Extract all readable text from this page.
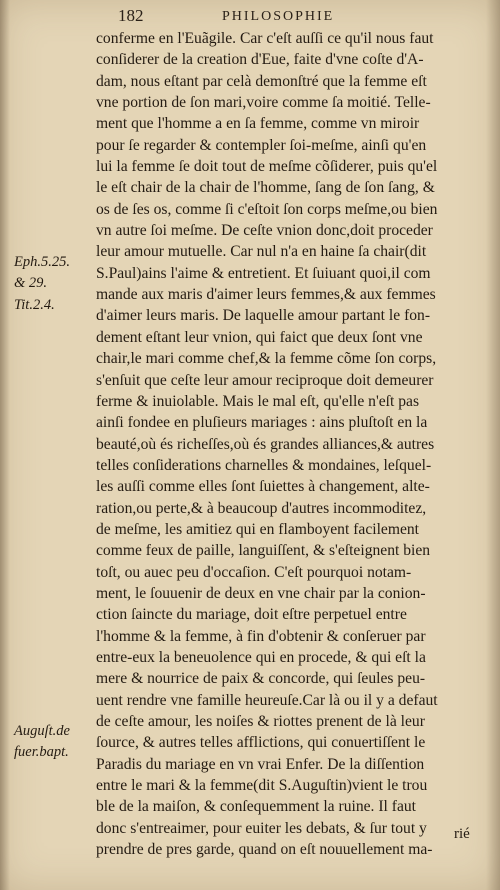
182	PHILOSOPHIE
conferme en l'Euãgile. Car c'eſt auſſi ce qu'il nous faut
conſiderer de la creation d'Eue, faite d'vne coſte d'A-
dam, nous eſtant par celà demonſtré que la femme eſt
vne portion de ſon mari,voire comme ſa moitié. Telle-
ment que l'homme a en ſa femme, comme vn miroir
pour ſe regarder & contempler ſoi-meſme, ainſi qu'en
lui la femme ſe doit tout de meſme cõſiderer, puis qu'el
le eſt chair de la chair de l'homme, ſang de ſon ſang, &
os de ſes os, comme ſi c'eſtoit ſon corps meſme,ou bien
vn autre ſoi meſme. De ceſte vnion donc,doit proceder
leur amour mutuelle. Car nul n'a en haine ſa chair(dit
S.Paul)ains l'aime & entretient. Et ſuiuant quoi,il com
mande aux maris d'aimer leurs femmes,& aux femmes
d'aimer leurs maris. De laquelle amour partant le fon-
dement eſtant leur vnion, qui faict que deux ſont vne
chair,le mari comme chef,& la femme cõme ſon corps,
s'enſuit que ceſte leur amour reciproque doit demeurer
ferme & inuiolable. Mais le mal eſt, qu'elle n'eſt pas
ainſi fondee en pluſieurs mariages : ains pluſtoſt en la
beauté,où és richeſſes,où és grandes alliances,& autres
telles conſiderations charnelles & mondaines, leſquel-
les auſſi comme elles ſont ſuiettes à changement, alte-
ration,ou perte,& à beaucoup d'autres incommoditez,
de meſme, les amitiez qui en flamboyent facilement
comme feux de paille, languiſſent, & s'eſteignent bien
toſt, ou auec peu d'occaſion. C'eſt pourquoi notam-
ment, le ſouuenir de deux en vne chair par la conion-
ction ſaincte du mariage, doit eſtre perpetuel entre
l'homme & la femme, à fin d'obtenir & conſeruer par
entre-eux la beneuolence qui en procede, & qui eſt la
mere & nourrice de paix & concorde, qui ſeules peu-
uent rendre vne famille heureuſe.Car là ou il y a defaut
de ceſte amour, les noiſes & riottes prenent de là leur
ſource, & autres telles afflictions, qui conuertiſſent le
Paradis du mariage en vn vrai Enfer. De la diſſention
entre le mari & la femme(dit S.Auguſtin)vient le trou
ble de la maiſon, & conſequemment la ruine. Il faut
donc s'entreaimer, pour euiter les debats, & ſur tout y
prendre de pres garde, quand on eſt nouuellement ma-
rié
Eph.5.25.
& 29.
Tit.2.4.
Auguſt.de
fuer.bapt.
